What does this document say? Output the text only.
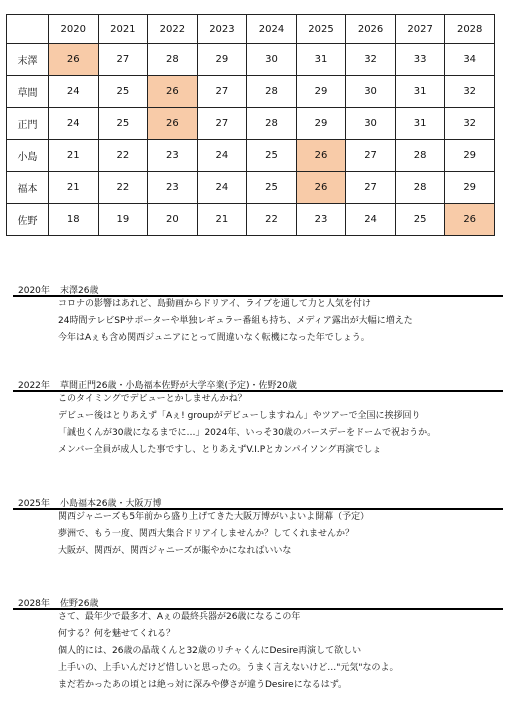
	2020	2021	2022	2023	2024	2025	2026	2027	2028
末澤	26	27	28	29	30	31	32	33	34
草間	24	25	26	27	28	29	30	31	32
正門	24	25	26	27	28	29	30	31	32
小島	21	22	23	24	25	26	27	28	29
福本	21	22	23	24	25	26	27	28	29
佐野	18	19	20	21	22	23	24	25	26
2020年 末澤26歳
コロナの影響はあれど、島動画からドリアイ、ライブを通して力と人気を付け
24時間テレビSPサポーターや単独レギュラー番組も持ち、メディア露出が大幅に増えた
今年はAぇも含め関西ジュニアにとって間違いなく転機になった年でしょう。
2022年 草間正門26歳・小島福本佐野が大学卒業(予定)・佐野20歳
このタイミングでデビューとかしませんかね？
デビュー後はとりあえず「Aぇ! groupがデビューしますねん」やツアーで全国に挨拶回り
「誠也くんが30歳になるまでに…」2024年、いっそ30歳のバースデーをドームで祝おうか。
メンバー全員が成人した事ですし、とりあえずV.I.Pとカンパイソング再演でしょ
2025年 小島福本26歳・大阪万博
関西ジャニーズも5年前から盛り上げてきた大阪万博がいよいよ開幕（予定）
夢洲で、もう一度、関西大集合ドリアイしませんか？してくれませんか？
大阪が、関西が、関西ジャニーズが賑やかになればいいな
2028年 佐野26歳
さて、最年少で最多才、Aぇの最終兵器が26歳になるこの年
何する？何を魅せてくれる？
個人的には、26歳の晶哉くんと32歳のリチャくんにDesire再演して欲しい
上手いの、上手いんだけど惜しいと思ったの。うまく言えないけど…"元気"なのよ。
まだ若かったあの頃とは絶っ対に深みや儚さが違うDesireになるはず。
